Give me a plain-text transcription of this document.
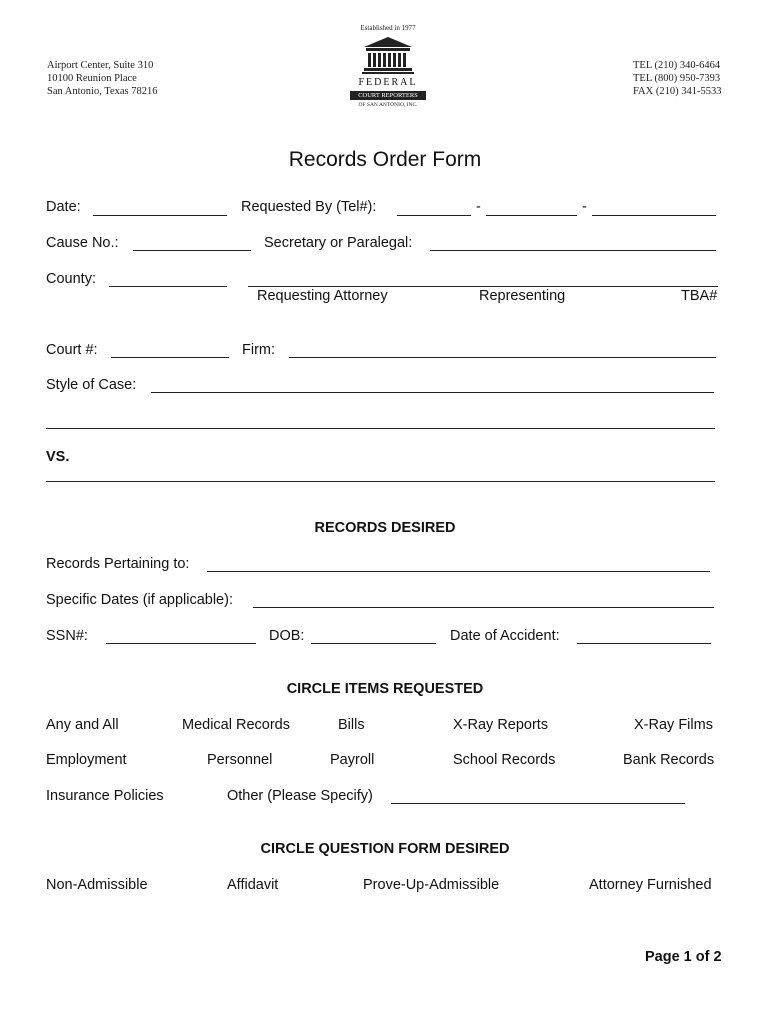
Airport Center, Suite 310
10100 Reunion Place
San Antonio, Texas 78216
Established in 1977
FEDERAL
COURT REPORTERS
OF SAN ANTONIO, INC.
TEL (210) 340-6464
TEL (800) 950-7393
FAX (210) 341-5533
Records Order Form
Date:	Requested By (Tel#):	-	-
Cause No.:	Secretary or Paralegal:
County:
Requesting Attorney	Representing	TBA#
Court #:	Firm:
Style of Case:
VS.
RECORDS DESIRED
Records Pertaining to:
Specific Dates (if applicable):
SSN#:	DOB:	Date of Accident:
CIRCLE ITEMS REQUESTED
Any and All	Medical Records	Bills	X-Ray Reports	X-Ray Films
Employment	Personnel	Payroll	School Records	Bank Records
Insurance Policies	Other (Please Specify)
CIRCLE QUESTION FORM DESIRED
Non-Admissible	Affidavit	Prove-Up-Admissible	Attorney Furnished
Page 1 of 2
